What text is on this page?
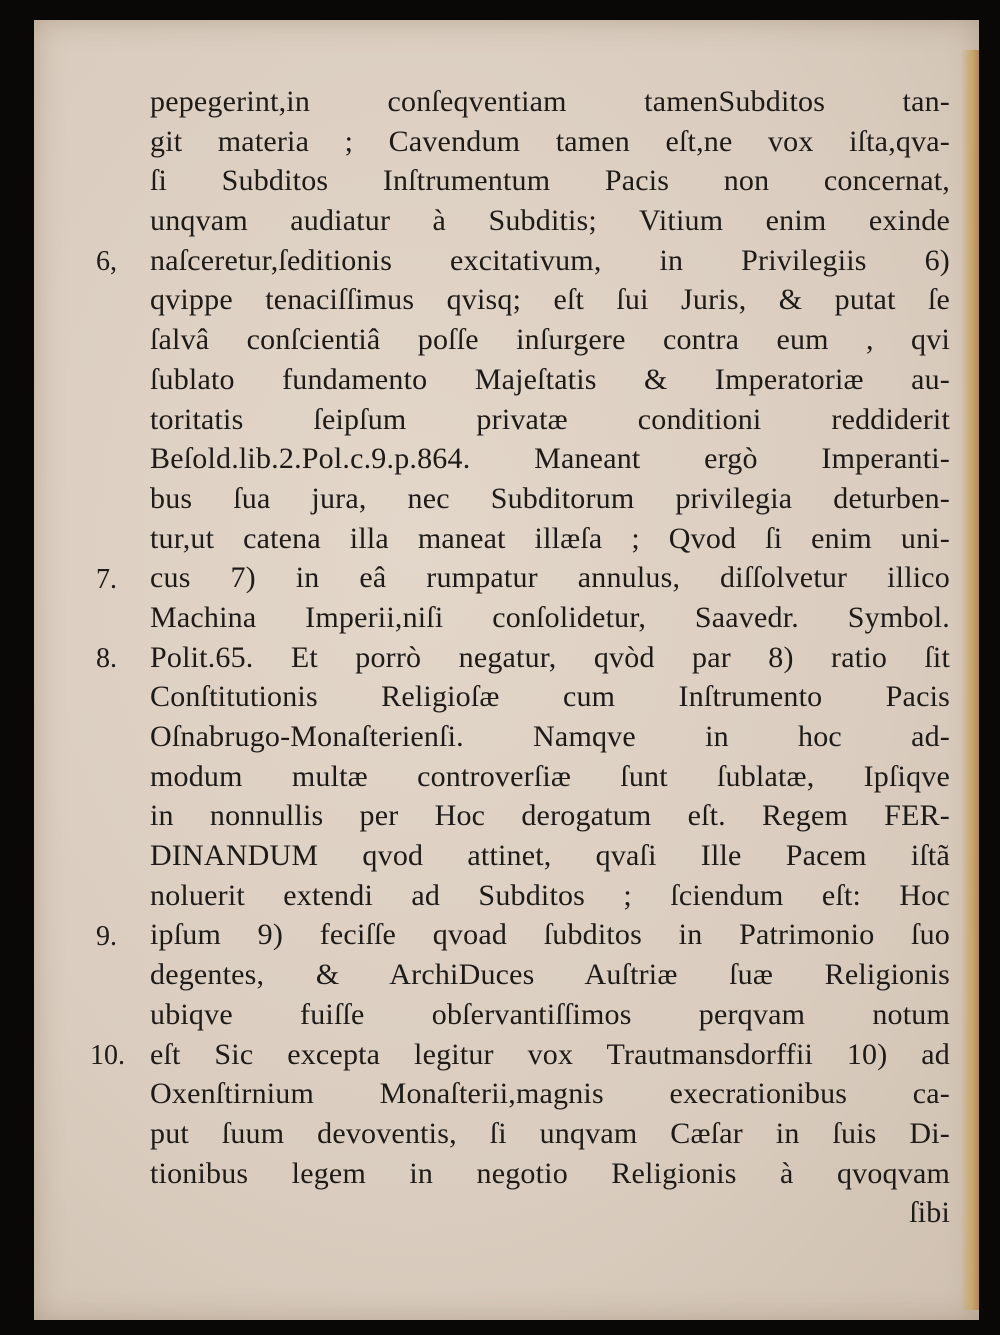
6,
7.
8.
9.
10.
pepegerint,in conſeqventiam tamenSubditos tan-
git materia ; Cavendum tamen eſt,ne vox iſta,qva-
ſi Subditos Inſtrumentum Pacis non concernat,
unqvam audiatur à Subditis; Vitium enim exinde
naſceretur,ſeditionis excitativum, in Privilegiis 6)
qvippe tenaciſſimus qvisq; eſt ſui Juris, & putat ſe
ſalvâ conſcientiâ poſſe inſurgere contra eum , qvi
ſublato fundamento Majeſtatis & Imperatoriæ au-
toritatis ſeipſum privatæ conditioni reddiderit
Beſold.lib.2.Pol.c.9.p.864. Maneant ergò Imperanti-
bus ſua jura, nec Subditorum privilegia deturben-
tur,ut catena illa maneat illæſa ; Qvod ſi enim uni-
cus 7) in eâ rumpatur annulus, diſſolvetur illico
Machina Imperii,niſi conſolidetur, Saavedr. Symbol.
Polit.65. Et porrò negatur, qvòd par 8) ratio ſit
Conſtitutionis Religioſæ cum Inſtrumento Pacis
Oſnabrugo-Monaſterienſi. Namqve in hoc ad-
modum multæ controverſiæ ſunt ſublatæ, Ipſiqve
in nonnullis per Hoc derogatum eſt. Regem FER-
DINANDUM qvod attinet, qvaſi Ille Pacem iſtã
noluerit extendi ad Subditos ; ſciendum eſt: Hoc
ipſum 9) feciſſe qvoad ſubditos in Patrimonio ſuo
degentes, & ArchiDuces Auſtriæ ſuæ Religionis
ubiqve fuiſſe obſervantiſſimos perqvam notum
eſt Sic excepta legitur vox Trautmansdorffii 10) ad
Oxenſtirnium Monaſterii,magnis execrationibus ca-
put ſuum devoventis, ſi unqvam Cæſar in ſuis Di-
tionibus legem in negotio Religionis à qvoqvam
ſibi
